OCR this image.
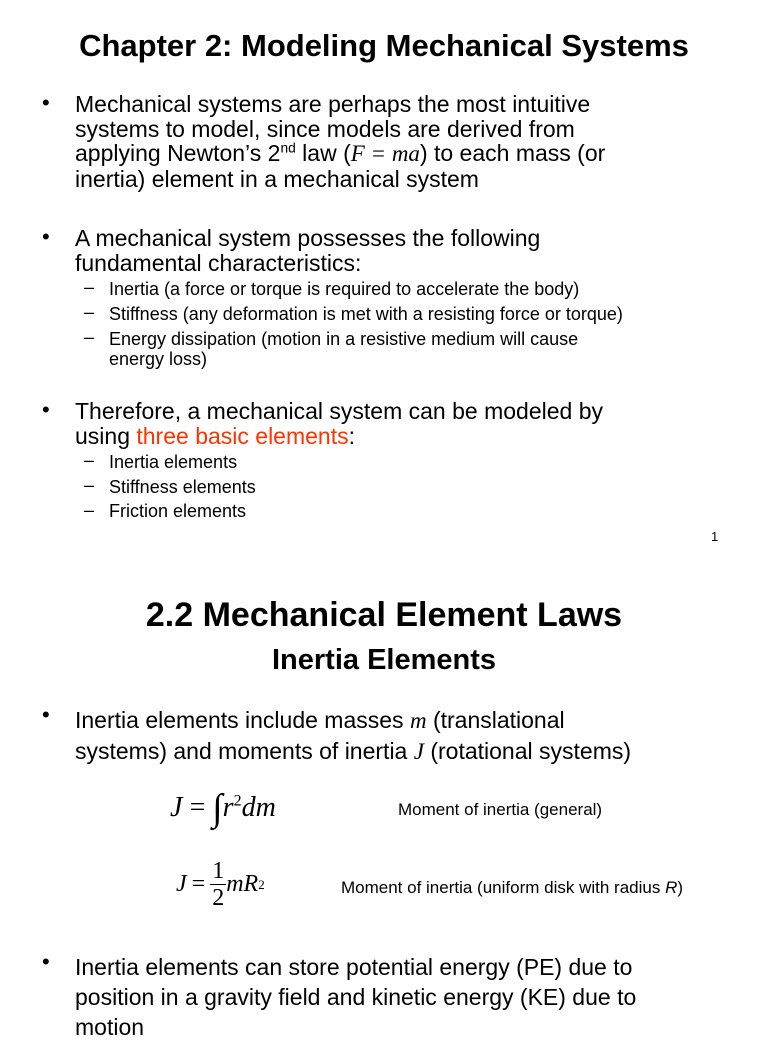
Chapter 2: Modeling Mechanical Systems
• Mechanical systems are perhaps the most intuitive
systems to model, since models are derived from
applying Newton’s 2nd law (F = ma) to each mass (or
inertia) element in a mechanical system
• A mechanical system possesses the following
fundamental characteristics:
– Inertia (a force or torque is required to accelerate the body)
– Stiffness (any deformation is met with a resisting force or torque)
– Energy dissipation (motion in a resistive medium will cause
energy loss)
• Therefore, a mechanical system can be modeled by
using three basic elements:
– Inertia elements
– Stiffness elements
– Friction elements
1
2.2 Mechanical Element Laws
Inertia Elements
• Inertia elements include masses m (translational
systems) and moments of inertia J (rotational systems)
$J = \int r^2dm$	Moment of inertia (general)
$J = \frac{1}{2}$ mR 2	Moment of inertia (uniform disk with radius R)
• Inertia elements can store potential energy (PE) due to
position in a gravity field and kinetic energy (KE) due to
motion
